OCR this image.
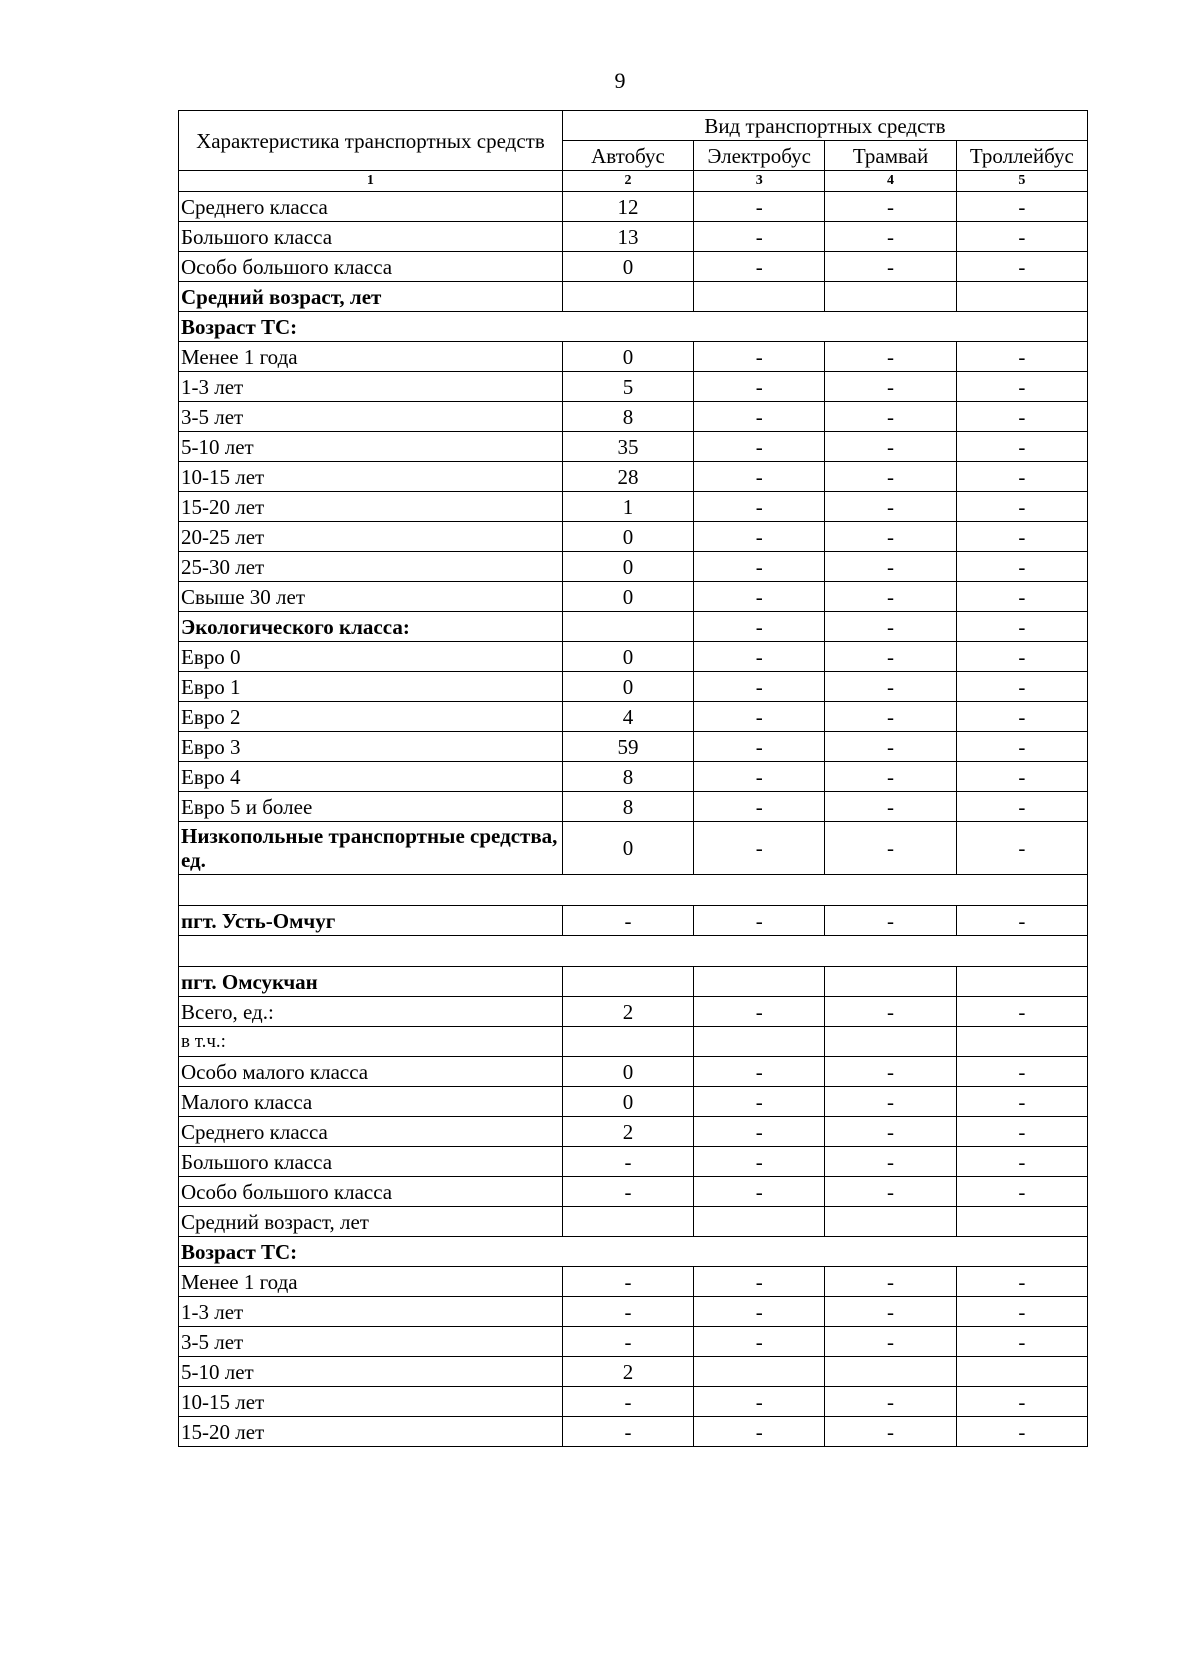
9
Характеристика транспортных средств	Вид транспортных средств			
	Автобус	Электробус	Трамвай	Троллейбус
1	2	3	4	5
Среднего класса	12	-	-	-
Большого класса	13	-	-	-
Особо большого класса	0	-	-	-
Средний возраст, лет				
Возраст ТС:				
Менее 1 года	0	-	-	-
1-3 лет	5	-	-	-
3-5 лет	8	-	-	-
5-10 лет	35	-	-	-
10-15 лет	28	-	-	-
15-20 лет	1	-	-	-
20-25 лет	0	-	-	-
25-30 лет	0	-	-	-
Свыше 30 лет	0	-	-	-
Экологического класса:		-	-	-
Евро 0	0	-	-	-
Евро 1	0	-	-	-
Евро 2	4	-	-	-
Евро 3	59	-	-	-
Евро 4	8	-	-	-
Евро 5 и более	8	-	-	-
Низкопольные транспортные средства, ед.	0	-	-	-

пгт. Усть-Омчуг	-	-	-	-

пгт. Омсукчан				
Всего, ед.:	2	-	-	-
в т.ч.:				
Особо малого класса	0	-	-	-
Малого класса	0	-	-	-
Среднего класса	2	-	-	-
Большого класса	-	-	-	-
Особо большого класса	-	-	-	-
Средний возраст, лет				
Возраст ТС:				
Менее 1 года	-	-	-	-
1-3 лет	-	-	-	-
3-5 лет	-	-	-	-
5-10 лет	2			
10-15 лет	-	-	-	-
15-20 лет	-	-	-	-
